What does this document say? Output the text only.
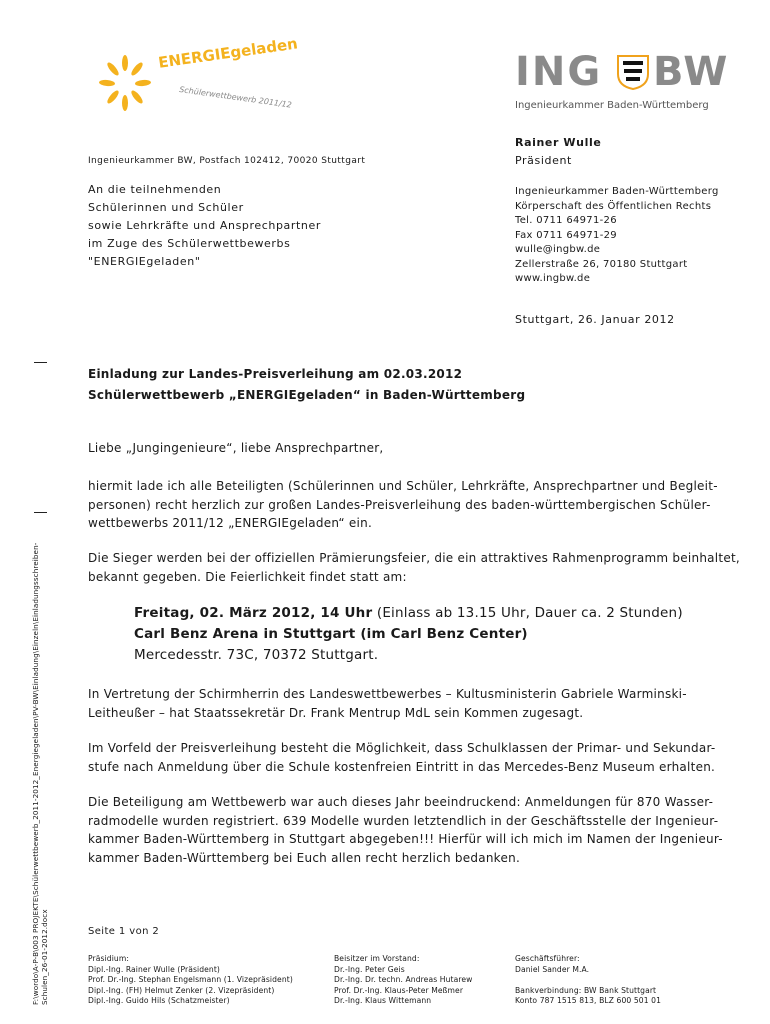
ENERGIEgeladen
Schülerwettbewerb 2011/12
ING BW
Ingenieurkammer Baden-Württemberg
Rainer Wulle
Präsident
Ingenieurkammer BW, Postfach 102412, 70020 Stuttgart
An die teilnehmenden
Schülerinnen und Schüler
sowie Lehrkräfte und Ansprechpartner
im Zuge des Schülerwettbewerbs
"ENERGIEgeladen"
Ingenieurkammer Baden-Württemberg
Körperschaft des Öffentlichen Rechts
Tel. 0711 64971-26
Fax 0711 64971-29
wulle@ingbw.de
Zellerstraße 26, 70180 Stuttgart
www.ingbw.de
Stuttgart, 26. Januar 2012
Einladung zur Landes-Preisverleihung am 02.03.2012
Schülerwettbewerb „ENERGIEgeladen“ in Baden-Württemberg
Liebe „Jungingenieure“, liebe Ansprechpartner,
hiermit lade ich alle Beteiligten (Schülerinnen und Schüler, Lehrkräfte, Ansprechpartner und Begleit-
personen) recht herzlich zur großen Landes-Preisverleihung des baden-württembergischen Schüler-
wettbewerbs 2011/12 „ENERGIEgeladen“ ein.
Die Sieger werden bei der offiziellen Prämierungsfeier, die ein attraktives Rahmenprogramm beinhaltet,
bekannt gegeben. Die Feierlichkeit findet statt am:
Freitag, 02. März 2012, 14 Uhr (Einlass ab 13.15 Uhr, Dauer ca. 2 Stunden)
Carl Benz Arena in Stuttgart (im Carl Benz Center)
Mercedesstr. 73C, 70372 Stuttgart.
In Vertretung der Schirmherrin des Landeswettbewerbes – Kultusministerin Gabriele Warminski-
Leitheußer – hat Staatssekretär Dr. Frank Mentrup MdL sein Kommen zugesagt.
Im Vorfeld der Preisverleihung besteht die Möglichkeit, dass Schulklassen der Primar- und Sekundar-
stufe nach Anmeldung über die Schule kostenfreien Eintritt in das Mercedes-Benz Museum erhalten.
Die Beteiligung am Wettbewerb war auch dieses Jahr beeindruckend: Anmeldungen für 870 Wasser-
radmodelle wurden registriert. 639 Modelle wurden letztendlich in der Geschäftsstelle der Ingenieur-
kammer Baden-Württemberg in Stuttgart abgegeben!!! Hierfür will ich mich im Namen der Ingenieur-
kammer Baden-Württemberg bei Euch allen recht herzlich bedanken.
Seite 1 von 2
Präsidium:
Dipl.-Ing. Rainer Wulle (Präsident)
Prof. Dr.-Ing. Stephan Engelsmann (1. Vizepräsident)
Dipl.-Ing. (FH) Helmut Zenker (2. Vizepräsident)
Dipl.-Ing. Guido Hils (Schatzmeister)
Beisitzer im Vorstand:
Dr.-Ing. Peter Geis
Dr.-Ing. Dr. techn. Andreas Hutarew
Prof. Dr.-Ing. Klaus-Peter Meßmer
Dr.-Ing. Klaus Wittemann
Geschäftsführer:
Daniel Sander M.A.
Bankverbindung: BW Bank Stuttgart
Konto 787 1515 813, BLZ 600 501 01
F:\wordo\A-P-B\003 PROJEKTE\Schülerwettbewerb_2011-2012_Energiegeladen\PV-BW\Einladung\Einzeln\Einladungsschreiben- Schulen_26-01-2012.docx
